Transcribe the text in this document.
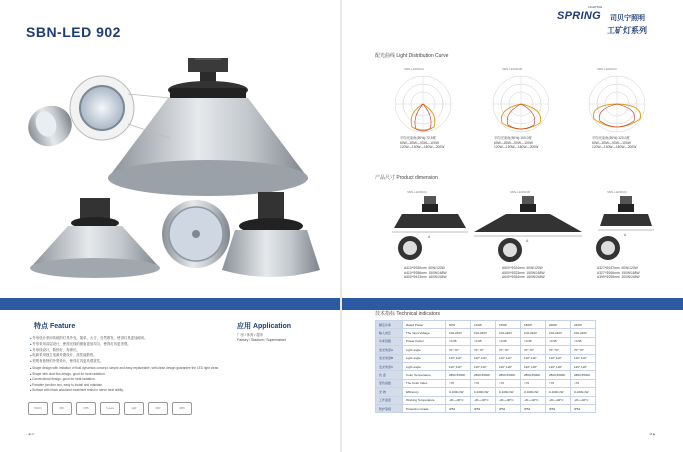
SBN-LED 902
特点 Feature	应用 Application
● 外形设计采用传统的灯具外壳，简单、大方、自然散发，使得灯具更加耐用。
● 外形采用双层设计，使得光线的照射更加均匀，使得灯具更美观。
● 外形线设计，散热好，寿命长。
● 电源采用独立电源外置设计，高性能散热。
● 美观有独特的外型设计，使得灯具更具观赏性。
■ Shape design with imitation of fluid dynamics concept, simple and easy replaceable, self-clean design guarantee the LED light clean.
■ Shape with dual fins design, good for heat radiation.
■ Convectional design, good for heat radiation.
■ Portable junction box, easy to install and maintain.
■ Surface with black anodized treatment resist in harsh heat ability.
厂房 / 体育 / 超市
Factory / Stadium / Supermarket
5000 h	80%	IP65	5 years	LED	60W	2835
◀ 47
LIGHTING
SPRING 司贝宁照明
工矿灯系列
配光曲线 Light Distribution Curve
SBN-LED902A	SBN-LED902B	SBN-LED902C
平均光束角(50%):72.5度
60W—80W—90W—100W
120W—150W—180W—200W
平均光束角(50%):100.0度
60W—80W—90W—100W
120W—150W—180W—200W
平均光束角(50%):120.0度
60W—80W—90W—100W
120W—150W—180W—200W
产品尺寸 Product dimension
SBN-LED902A	SBN-LED902B	SBN-LED902C
A
A
A
A410*Φ330mm  60W/120W
A410*Φ356mm  150W/168W
A500*Φ413mm  180W/248W
A500*Φ324mm  60W/120W
A500*Φ323mm  150W/168W
A640*Φ354mm  180W/248W
A327*Φ247mm  60W/120W
A327*Φ266mm  150W/168W
A399*Φ259mm  200W/248W
技术指标 Technical indicators
额定功率	Rated Power	60W	120W	150W	180W	200W	240W
输入电压	The Input Voltage	100-240V	100-240V	100-240V	100-240V	100-240V	100-240V
功率因数	Power Factor	>0.95	>0.95	>0.95	>0.95	>0.95	>0.95
发光角度A	Light angle	70°,70°	70°,70°	70°,70°	70°,70°	70°,70°	70°,70°
发光角度B	Light angle	110°,110°	110°,110°	110°,110°	110°,110°	110°,110°	110°,110°
发光角度C	Light angle	110°,110°	110°,110°	120°,120°	120°,120°	120°,120°	120°,120°
色 温	Color Temperature	2800-6500K	2800-6500K	2800-6500K	2800-6500K	2800-6500K	2800-6500K
显色指数	The Color Index	>70	>70	>70	>70	>70	>70
光 效	Efficiency	0-100lm/W	0-100lm/W	0-100lm/W	0-100lm/W	0-100lm/W	0-100lm/W
工作温度	Working Temperature	-20~+40°C	-20~+40°C	-20~+40°C	-20~+40°C	-20~+40°C	-20~+40°C
防护等级	Protection Grade	IP54	IP54	IP54	IP54	IP54	IP54
48 ▶
